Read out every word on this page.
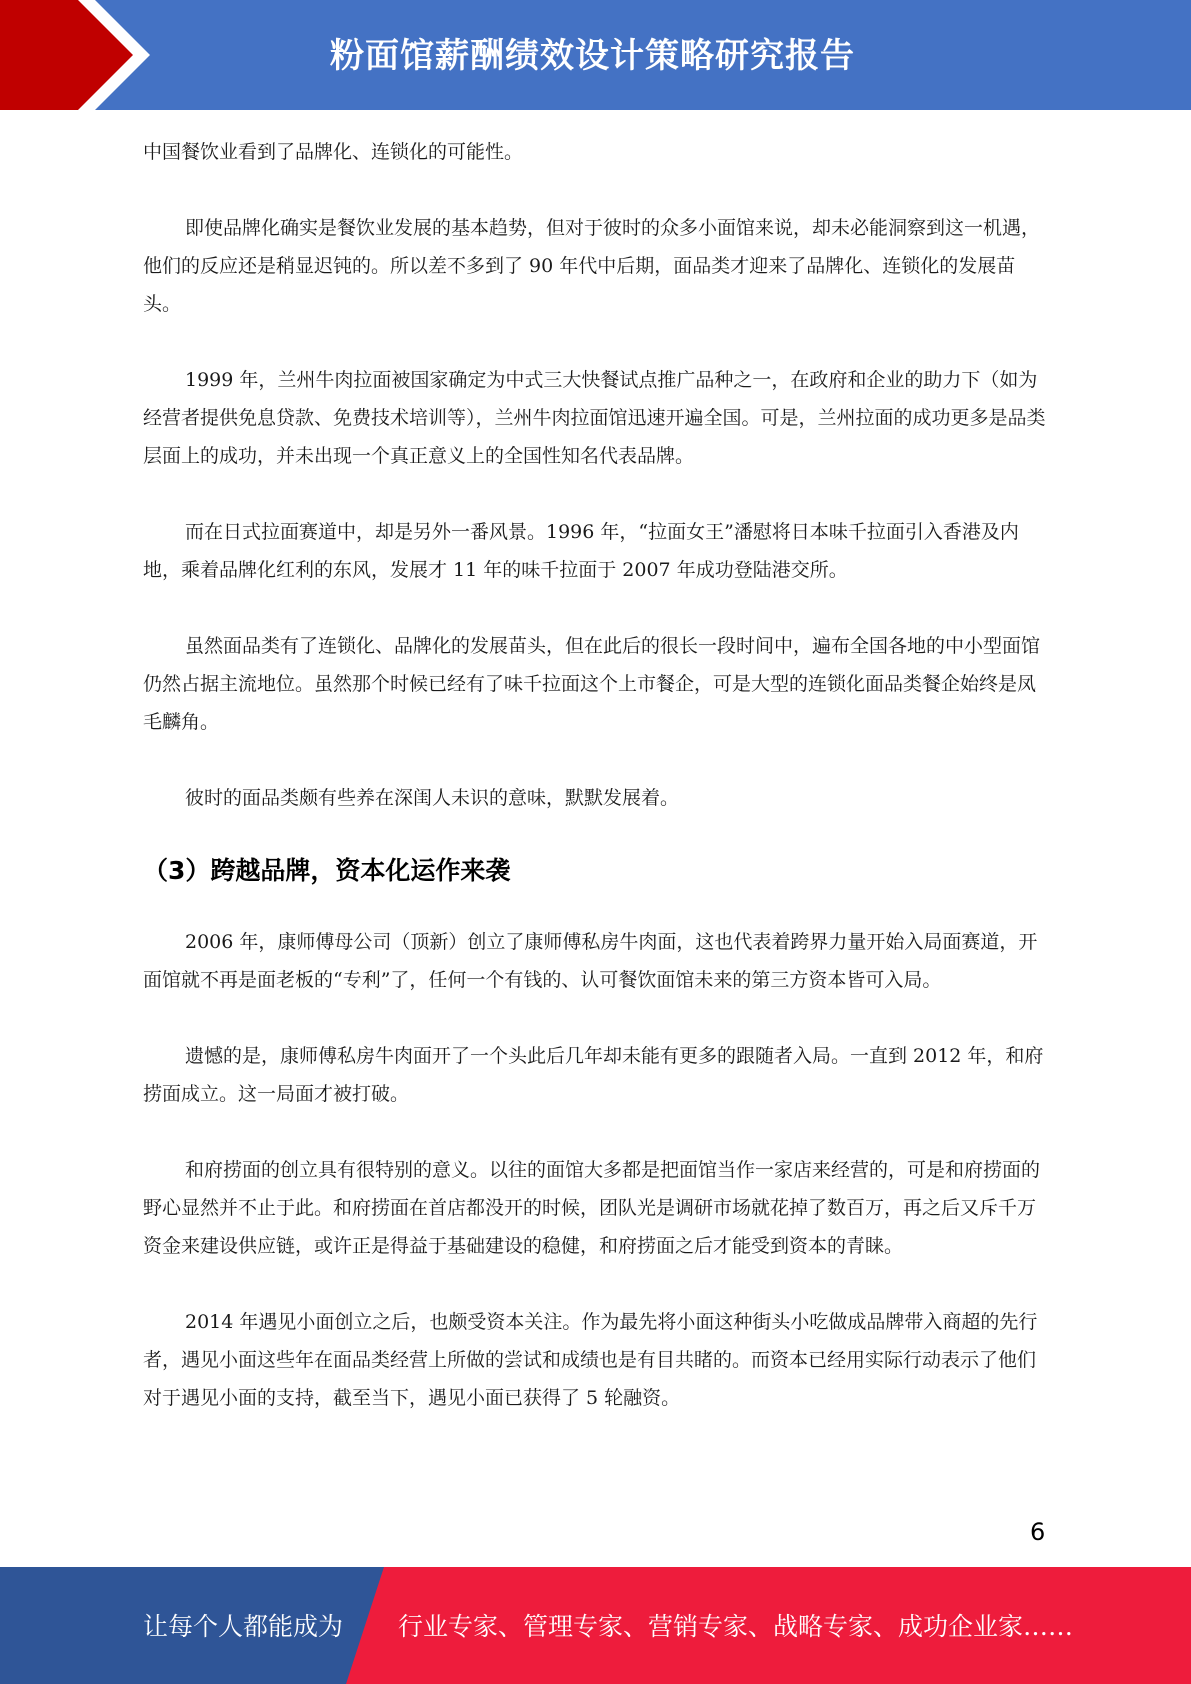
粉面馆薪酬绩效设计策略研究报告

中国餐饮业看到了品牌化、连锁化的可能性。

即使品牌化确实是餐饮业发展的基本趋势，但对于彼时的众多小面馆来说，却未必能洞察到这一机遇，他们的反应还是稍显迟钝的。所以差不多到了 90 年代中后期，面品类才迎来了品牌化、连锁化的发展苗头。

1999 年，兰州牛肉拉面被国家确定为中式三大快餐试点推广品种之一，在政府和企业的助力下（如为经营者提供免息贷款、免费技术培训等），兰州牛肉拉面馆迅速开遍全国。可是，兰州拉面的成功更多是品类层面上的成功，并未出现一个真正意义上的全国性知名代表品牌。

而在日式拉面赛道中，却是另外一番风景。1996 年，“拉面女王”潘慰将日本味千拉面引入香港及内地，乘着品牌化红利的东风，发展才 11 年的味千拉面于 2007 年成功登陆港交所。

虽然面品类有了连锁化、品牌化的发展苗头，但在此后的很长一段时间中，遍布全国各地的中小型面馆仍然占据主流地位。虽然那个时候已经有了味千拉面这个上市餐企，可是大型的连锁化面品类餐企始终是凤毛麟角。

彼时的面品类颇有些养在深闺人未识的意味，默默发展着。

（3）跨越品牌，资本化运作来袭

2006 年，康师傅母公司（顶新）创立了康师傅私房牛肉面，这也代表着跨界力量开始入局面赛道，开面馆就不再是面老板的“专利”了，任何一个有钱的、认可餐饮面馆未来的第三方资本皆可入局。

遗憾的是，康师傅私房牛肉面开了一个头此后几年却未能有更多的跟随者入局。一直到 2012 年，和府捞面成立。这一局面才被打破。

和府捞面的创立具有很特别的意义。以往的面馆大多都是把面馆当作一家店来经营的，可是和府捞面的野心显然并不止于此。和府捞面在首店都没开的时候，团队光是调研市场就花掉了数百万，再之后又斥千万资金来建设供应链，或许正是得益于基础建设的稳健，和府捞面之后才能受到资本的青睐。

2014 年遇见小面创立之后，也颇受资本关注。作为最先将小面这种街头小吃做成品牌带入商超的先行者，遇见小面这些年在面品类经营上所做的尝试和成绩也是有目共睹的。而资本已经用实际行动表示了他们对于遇见小面的支持，截至当下，遇见小面已获得了 5 轮融资。

6
让每个人都能成为 行业专家、管理专家、营销专家、战略专家、成功企业家……
